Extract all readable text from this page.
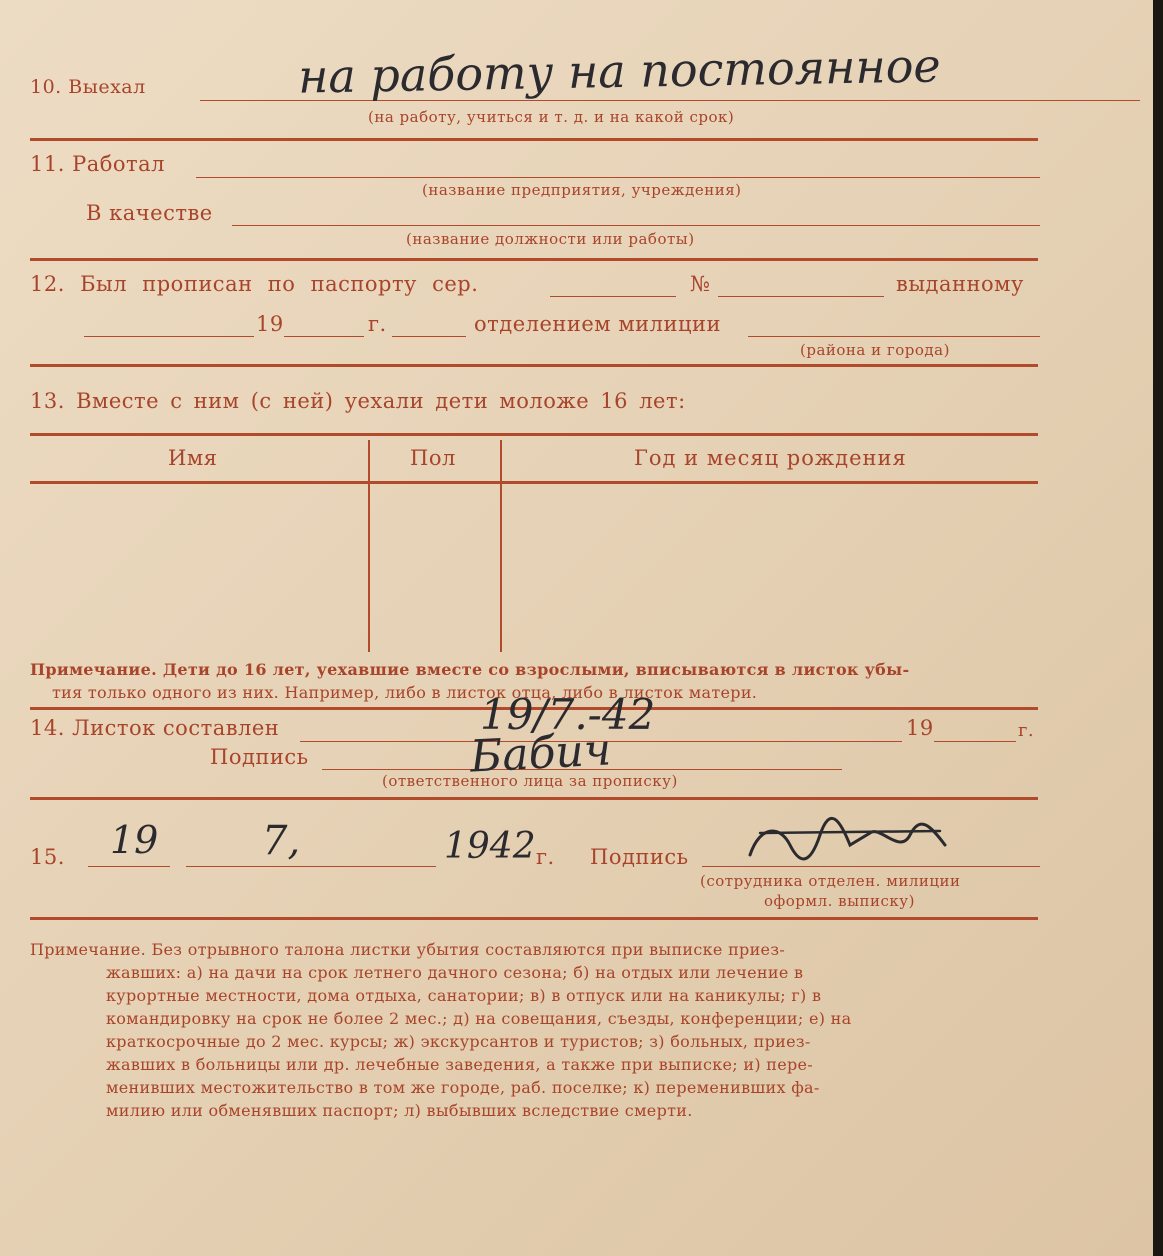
10. Выехал	на работу на постоянное
(на работу, учиться и т. д. и на какой срок)
11. Работал
(название предприятия, учреждения)
В качестве
(название должности или работы)
12. Был прописан по паспорту сер.	№	выданному
19	г.	отделением милиции
(района и города)
13. Вместе с ним (с ней) уехали дети моложе 16 лет:
Имя	Пол	Год и месяц рождения
Примечание. Дети до 16 лет, уехавшие вместе со взрослыми, вписываются в листок убы-
тия только одного из них. Например, либо в листок отца, либо в листок матери.
14. Листок составлен	19/7.-42	19	г.
Подпись	Бабич
(ответственного лица за прописку)
15. 19	7,	1942 г. Подпись
(сотрудника отделен. милиции
оформл. выписку)
Примечание. Без отрывного талона листки убытия составляются при выписке приез-
жавших: а) на дачи на срок летнего дачного сезона; б) на отдых или лечение в
курортные местности, дома отдыха, санатории; в) в отпуск или на каникулы; г) в
командировку на срок не более 2 мес.; д) на совещания, съезды, конференции; е) на
краткосрочные до 2 мес. курсы; ж) экскурсантов и туристов; з) больных, приез-
жавших в больницы или др. лечебные заведения, а также при выписке; и) пере-
менивших местожительство в том же городе, раб. поселке; к) переменивших фа-
милию или обменявших паспорт; л) выбывших вследствие смерти.
